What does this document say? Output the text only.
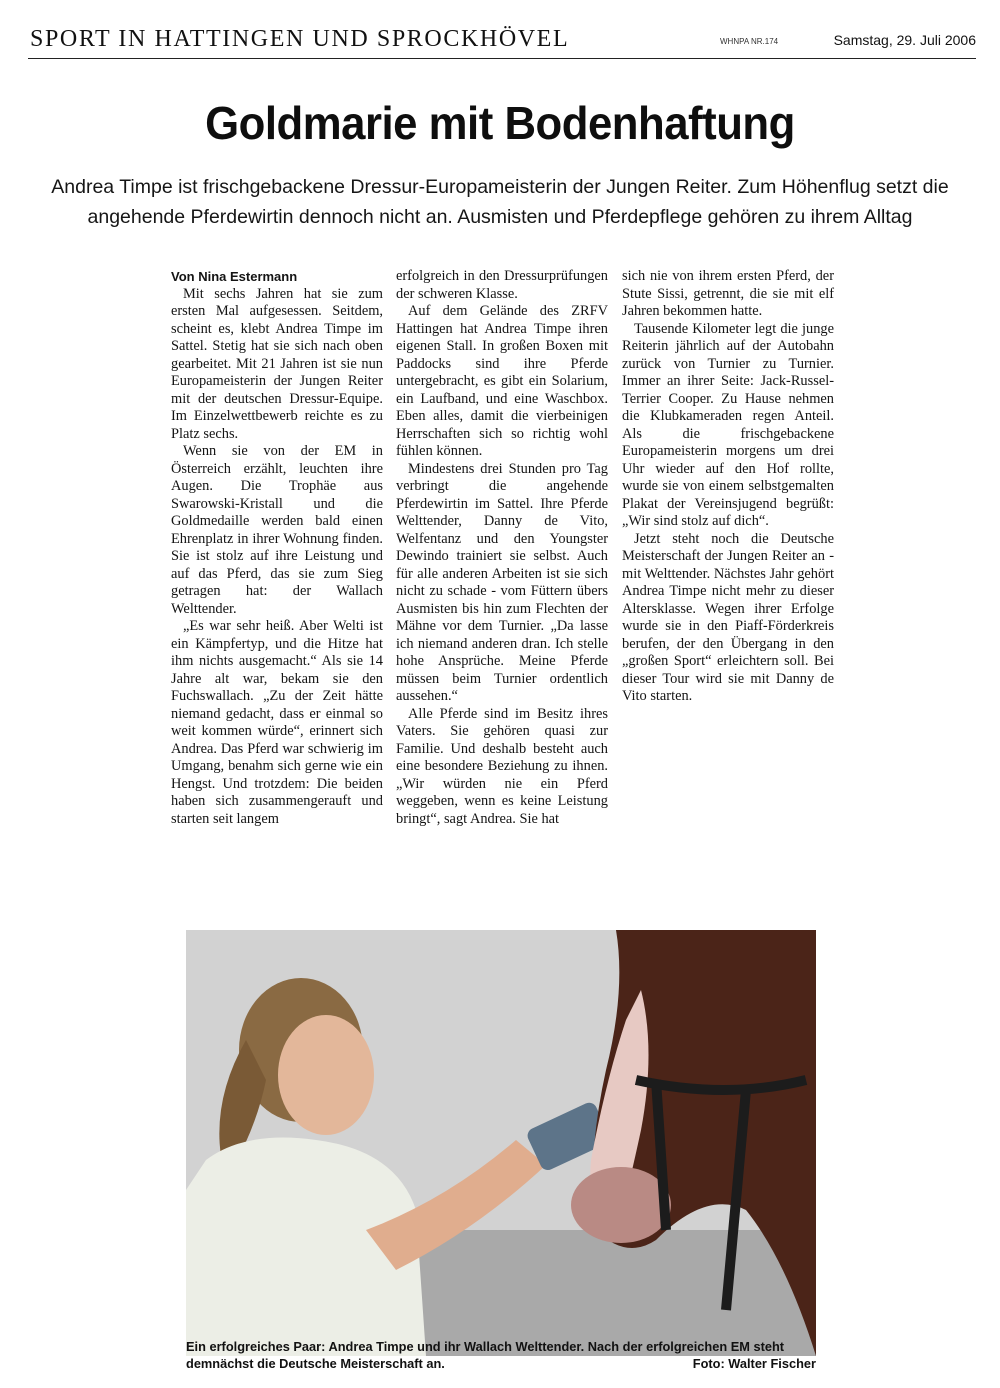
SPORT IN HATTINGEN UND SPROCKHÖVEL	WHNPA NR.174	Samstag, 29. Juli 2006
Goldmarie mit Bodenhaftung
Andrea Timpe ist frischgebackene Dressur-Europameisterin der Jungen Reiter. Zum Höhenflug setzt die angehende Pferdewirtin dennoch nicht an. Ausmisten und Pferdepflege gehören zu ihrem Alltag

Von Nina Estermann

Mit sechs Jahren hat sie zum ersten Mal aufgesessen. Seitdem, scheint es, klebt Andrea Timpe im Sattel. Stetig hat sie sich nach oben gearbeitet. Mit 21 Jahren ist sie nun Europameisterin der Jungen Reiter mit der deutschen Dressur-Equipe. Im Einzelwettbewerb reichte es zu Platz sechs.

Wenn sie von der EM in Österreich erzählt, leuchten ihre Augen. Die Trophäe aus Swarowski-Kristall und die Goldmedaille werden bald einen Ehrenplatz in ihrer Wohnung finden. Sie ist stolz auf ihre Leistung und auf das Pferd, das sie zum Sieg getragen hat: der Wallach Welttender.

„Es war sehr heiß. Aber Welti ist ein Kämpfertyp, und die Hitze hat ihm nichts ausgemacht.“ Als sie 14 Jahre alt war, bekam sie den Fuchswallach. „Zu der Zeit hätte niemand gedacht, dass er einmal so weit kommen würde“, erinnert sich Andrea. Das Pferd war schwierig im Umgang, benahm sich gerne wie ein Hengst. Und trotzdem: Die beiden haben sich zusammengerauft und starten seit langem

erfolgreich in den Dressurprüfungen der schweren Klasse.

Auf dem Gelände des ZRFV Hattingen hat Andrea Timpe ihren eigenen Stall. In großen Boxen mit Paddocks sind ihre Pferde untergebracht, es gibt ein Solarium, ein Laufband, und eine Waschbox. Eben alles, damit die vierbeinigen Herrschaften sich so richtig wohl fühlen können.

Mindestens drei Stunden pro Tag verbringt die angehende Pferdewirtin im Sattel. Ihre Pferde Welttender, Danny de Vito, Welfentanz und den Youngster Dewindo trainiert sie selbst. Auch für alle anderen Arbeiten ist sie sich nicht zu schade - vom Füttern übers Ausmisten bis hin zum Flechten der Mähne vor dem Turnier. „Da lasse ich niemand anderen dran. Ich stelle hohe Ansprüche. Meine Pferde müssen beim Turnier ordentlich aussehen.“

Alle Pferde sind im Besitz ihres Vaters. Sie gehören quasi zur Familie. Und deshalb besteht auch eine besondere Beziehung zu ihnen. „Wir würden nie ein Pferd weggeben, wenn es keine Leistung bringt“, sagt Andrea. Sie hat

sich nie von ihrem ersten Pferd, der Stute Sissi, getrennt, die sie mit elf Jahren bekommen hatte.

Tausende Kilometer legt die junge Reiterin jährlich auf der Autobahn zurück von Turnier zu Turnier. Immer an ihrer Seite: Jack-Russel-Terrier Cooper. Zu Hause nehmen die Klubkameraden regen Anteil. Als die frischgebackene Europameisterin morgens um drei Uhr wieder auf den Hof rollte, wurde sie von einem selbstgemalten Plakat der Vereinsjugend begrüßt: „Wir sind stolz auf dich“.

Jetzt steht noch die Deutsche Meisterschaft der Jungen Reiter an - mit Welttender. Nächstes Jahr gehört Andrea Timpe nicht mehr zu dieser Altersklasse. Wegen ihrer Erfolge wurde sie in den Piaff-Förderkreis berufen, der den Übergang in den „großen Sport“ erleichtern soll. Bei dieser Tour wird sie mit Danny de Vito starten.

Ein erfolgreiches Paar: Andrea Timpe und ihr Wallach Welttender. Nach der erfolgreichen EM steht demnächst die Deutsche Meisterschaft an.	Foto: Walter Fischer
